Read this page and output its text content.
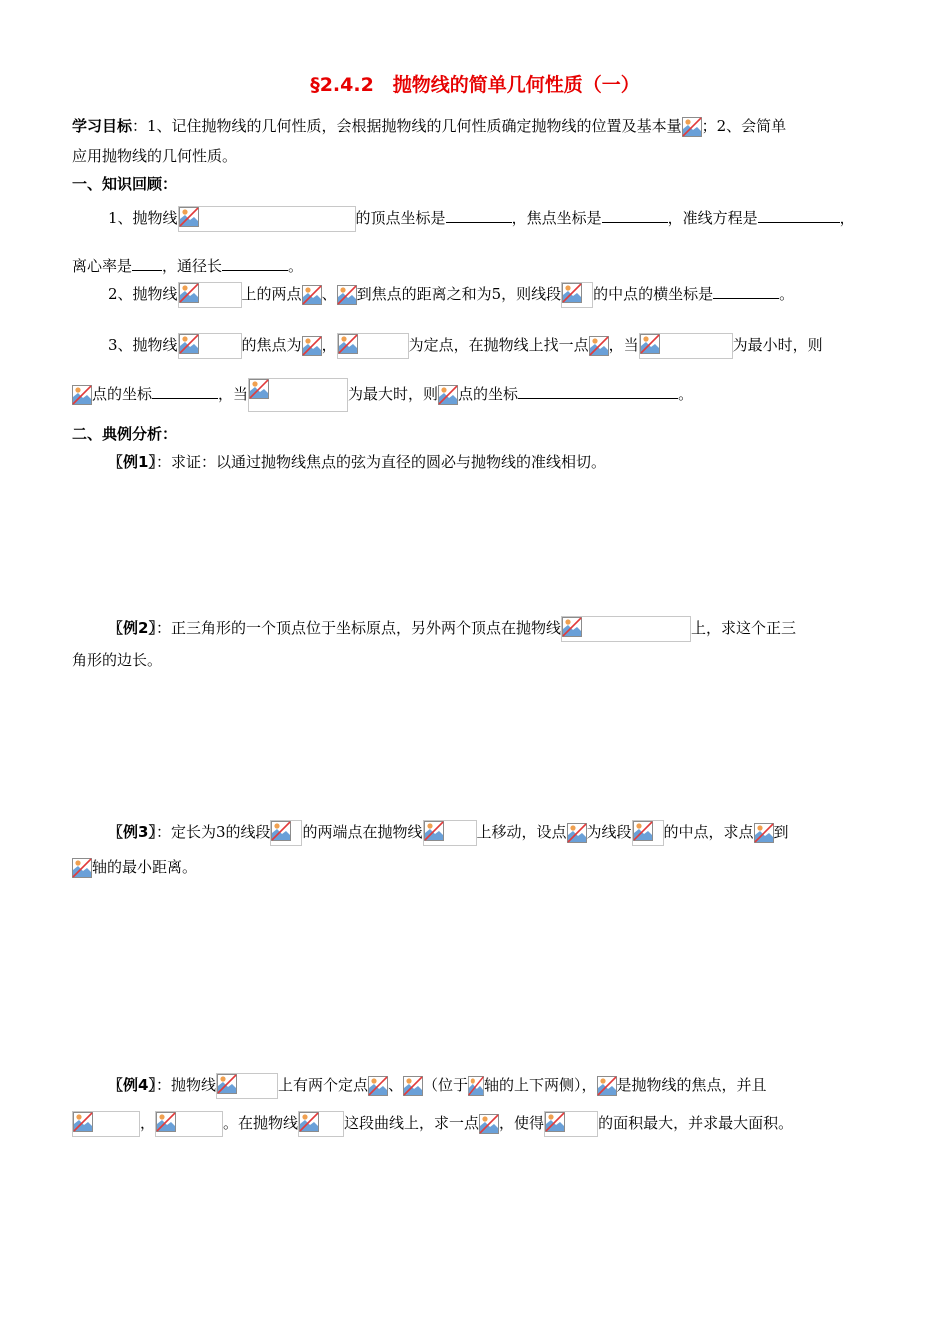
§2.4.2　抛物线的简单几何性质（一）
学习目标：1、记住抛物线的几何性质，会根据抛物线的几何性质确定抛物线的位置及基本量 ；2、会简单
应用抛物线的几何性质。
一、知识回顾：
1、抛物线	的顶点坐标是	，焦点坐标是	，准线方程是	，
离心率是 ，通径长	。
2、抛物线	上的两点 、 到焦点的距离之和为5，则线段 的中点的横坐标是	。
3、抛物线	的焦点为 ，	为定点，在抛物线上找一点 ，当	为最小时，则
点的坐标	，当	为最大时，则 点的坐标	。
二、典例分析：
〖例1〗：求证：以通过抛物线焦点的弦为直径的圆必与抛物线的准线相切。
〖例2〗：正三角形的一个顶点位于坐标原点，另外两个顶点在抛物线	上，求这个正三
角形的边长。
〖例3〗：定长为3的线段 的两端点在抛物线	上移动，设点 为线段 的中点，求点 到
轴的最小距离。
〖例4〗：抛物线	上有两个定点 、 （位于 轴的上下两侧）， 是抛物线的焦点，并且
，	。在抛物线	这段曲线上，求一点 ，使得	的面积最大，并求最大面积。
